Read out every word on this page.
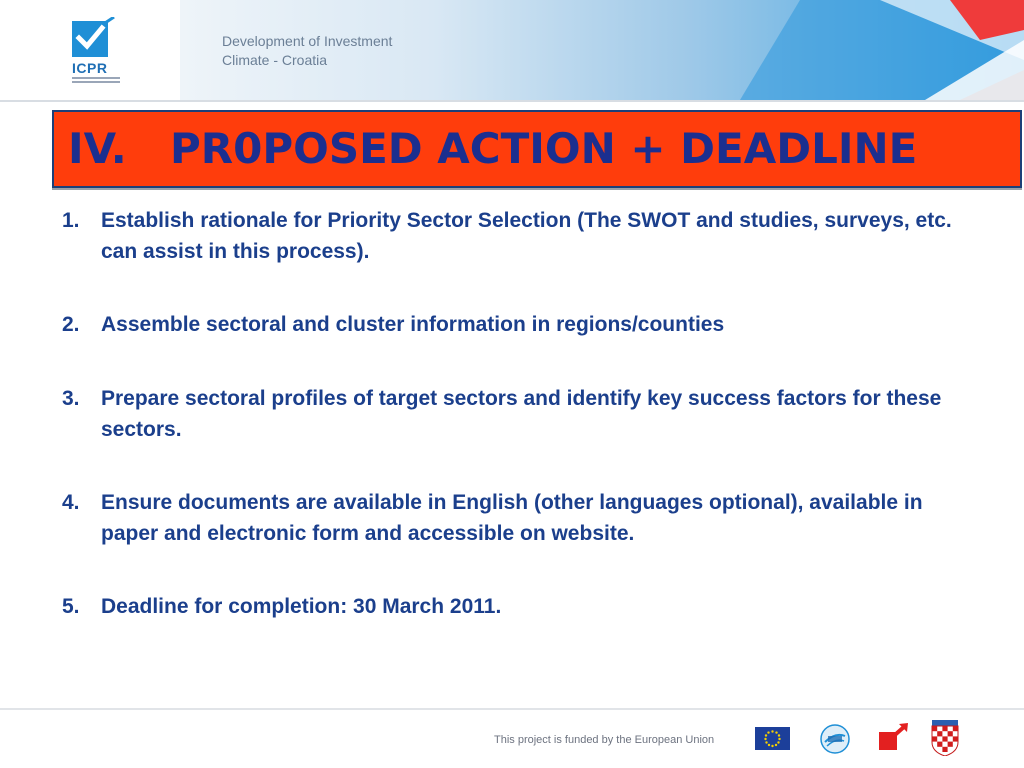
ICPR
Development of Investment
Climate - Croatia
IV. PR0POSED ACTION + DEADLINE
1.	Establish rationale for Priority Sector Selection (The SWOT and studies, surveys, etc. can assist in this process).
2.	Assemble sectoral and cluster information in regions/counties
3.	Prepare sectoral profiles of target sectors and identify key success factors for these sectors.
4.	Ensure documents are available in English (other languages optional), available in paper and electronic form and accessible on website.
5.	Deadline for completion: 30 March 2011.
This project is funded by the European Union
